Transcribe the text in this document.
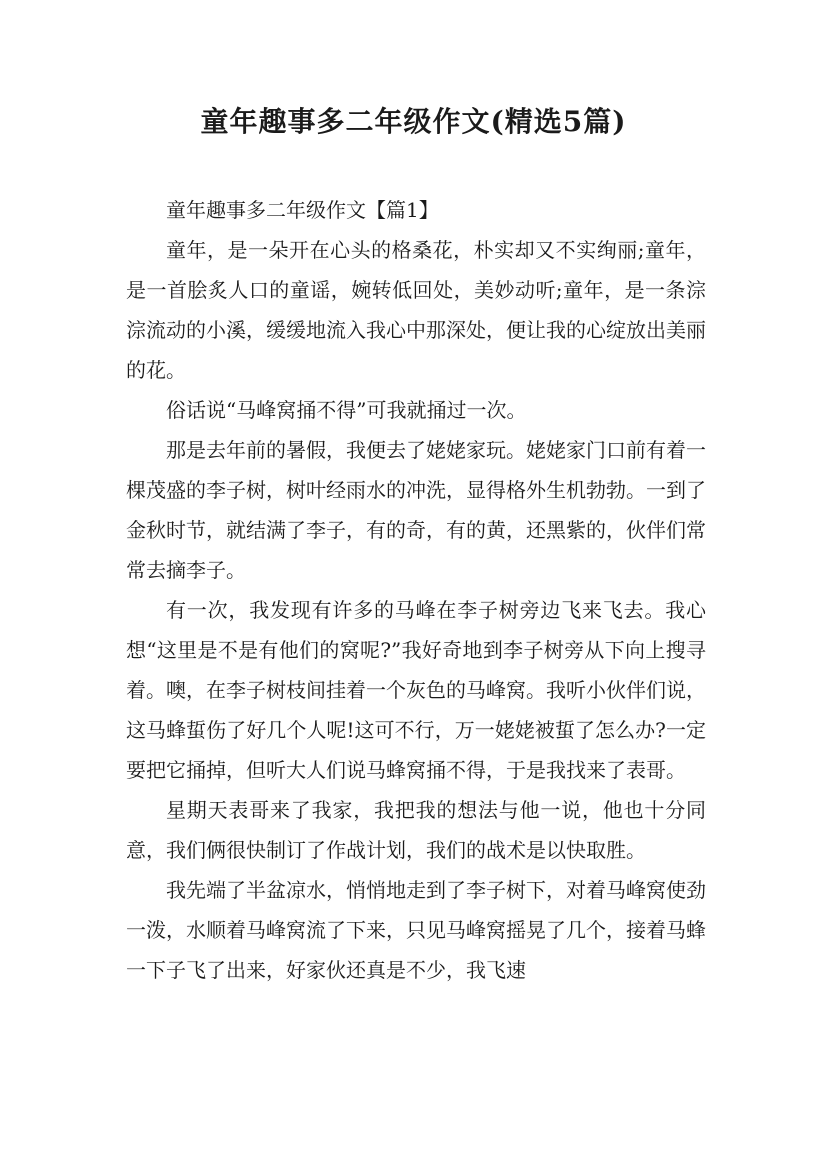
童年趣事多二年级作文(精选5篇)

童年趣事多二年级作文【篇1】

童年，是一朵开在心头的格桑花，朴实却又不实绚丽;童年，是一首脍炙人口的童谣，婉转低回处，美妙动听;童年，是一条淙淙流动的小溪，缓缓地流入我心中那深处，便让我的心绽放出美丽的花。

俗话说“马峰窝捅不得”可我就捅过一次。

那是去年前的暑假，我便去了姥姥家玩。姥姥家门口前有着一棵茂盛的李子树，树叶经雨水的冲洗，显得格外生机勃勃。一到了金秋时节，就结满了李子，有的奇，有的黄，还黑紫的，伙伴们常常去摘李子。

有一次，我发现有许多的马峰在李子树旁边飞来飞去。我心想“这里是不是有他们的窝呢?”我好奇地到李子树旁从下向上搜寻着。噢，在李子树枝间挂着一个灰色的马峰窝。我听小伙伴们说，这马蜂蜇伤了好几个人呢!这可不行，万一姥姥被蜇了怎么办?一定要把它捅掉，但听大人们说马蜂窝捅不得，于是我找来了表哥。

星期天表哥来了我家，我把我的想法与他一说，他也十分同意，我们俩很快制订了作战计划，我们的战术是以快取胜。

我先端了半盆凉水，悄悄地走到了李子树下，对着马峰窝使劲一泼，水顺着马峰窝流了下来，只见马峰窝摇晃了几个，接着马蜂一下子飞了出来，好家伙还真是不少，我飞速
